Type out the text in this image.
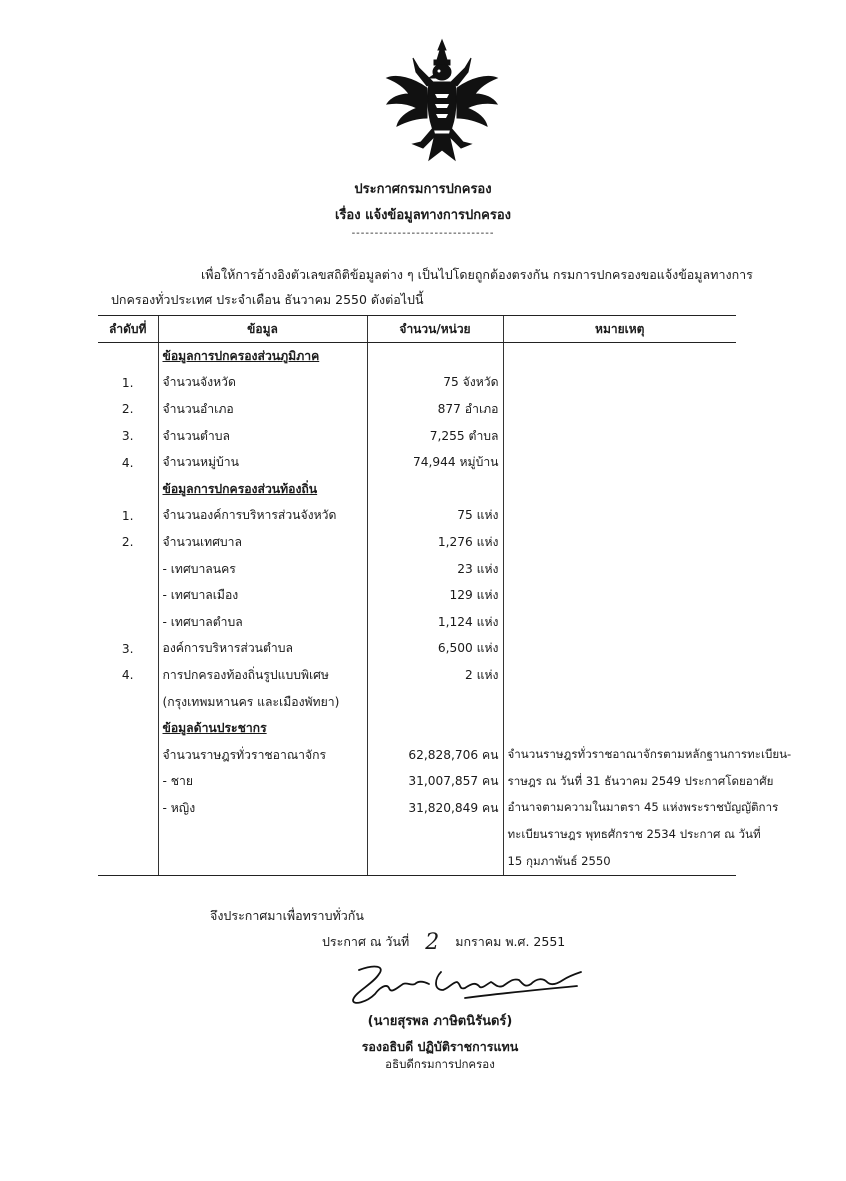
ประกาศกรมการปกครอง
เรื่อง แจ้งข้อมูลทางการปกครอง
-------------------------------
เพื่อให้การอ้างอิงตัวเลขสถิติข้อมูลต่าง ๆ เป็นไปโดยถูกต้องตรงกัน กรมการปกครองขอแจ้งข้อมูลทางการ
ปกครองทั่วประเทศ ประจำเดือน ธันวาคม 2550 ดังต่อไปนี้
ลำดับที่	ข้อมูล	จำนวน/หน่วย	หมายเหตุ
	ข้อมูลการปกครองส่วนภูมิภาค		
1.	จำนวนจังหวัด	75 จังหวัด	
2.	จำนวนอำเภอ	877 อำเภอ	
3.	จำนวนตำบล	7,255 ตำบล	
4.	จำนวนหมู่บ้าน	74,944 หมู่บ้าน	
	ข้อมูลการปกครองส่วนท้องถิ่น		
1.	จำนวนองค์การบริหารส่วนจังหวัด	75 แห่ง	
2.	จำนวนเทศบาล	1,276 แห่ง	
	- เทศบาลนคร	23 แห่ง	
	- เทศบาลเมือง	129 แห่ง	
	- เทศบาลตำบล	1,124 แห่ง	
3.	องค์การบริหารส่วนตำบล	6,500 แห่ง	
4.	การปกครองท้องถิ่นรูปแบบพิเศษ	2 แห่ง	
	(กรุงเทพมหานคร และเมืองพัทยา)		
	ข้อมูลด้านประชากร		
	จำนวนราษฎรทั่วราชอาณาจักร	62,828,706 คน	จำนวนราษฎรทั่วราชอาณาจักรตามหลักฐานการทะเบียน-
	- ชาย	31,007,857 คน	ราษฎร ณ วันที่ 31 ธันวาคม 2549 ประกาศโดยอาศัย
	- หญิง	31,820,849 คน	อำนาจตามความในมาตรา 45 แห่งพระราชบัญญัติการ
			ทะเบียนราษฎร พุทธศักราช 2534 ประกาศ ณ วันที่
			15 กุมภาพันธ์ 2550
จึงประกาศมาเพื่อทราบทั่วกัน
ประกาศ ณ วันที่ 2 มกราคม พ.ศ. 2551
(นายสุรพล ภาษิตนิรันดร์)
รองอธิบดี ปฏิบัติราชการแทน
อธิบดีกรมการปกครอง
